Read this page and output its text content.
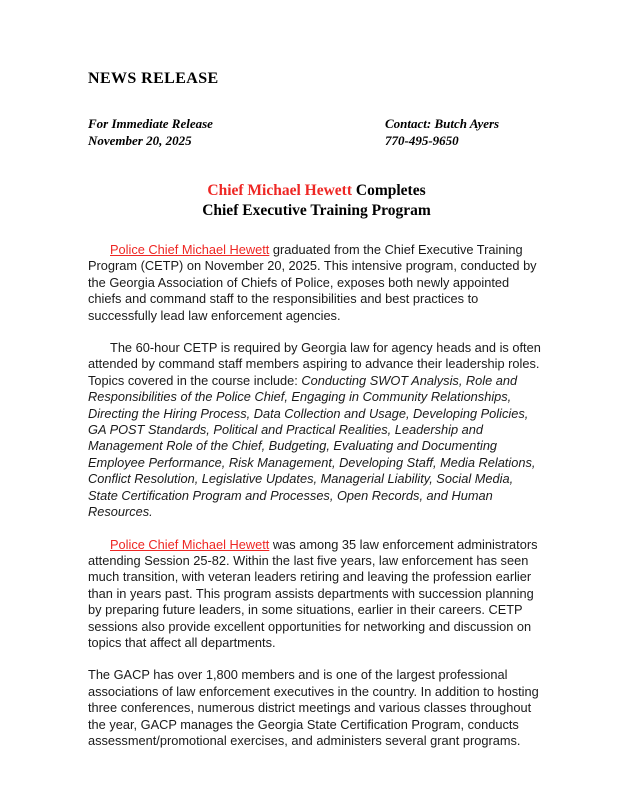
NEWS RELEASE
For Immediate Release
November 20, 2025
Contact: Butch Ayers
770-495-9650
Chief Michael Hewett Completes
Chief Executive Training Program

Police Chief Michael Hewett graduated from the Chief Executive Training Program (CETP) on November 20, 2025. This intensive program, conducted by the Georgia Association of Chiefs of Police, exposes both newly appointed chiefs and command staff to the responsibilities and best practices to successfully lead law enforcement agencies.

The 60-hour CETP is required by Georgia law for agency heads and is often attended by command staff members aspiring to advance their leadership roles. Topics covered in the course include: Conducting SWOT Analysis, Role and Responsibilities of the Police Chief, Engaging in Community Relationships, Directing the Hiring Process, Data Collection and Usage, Developing Policies, GA POST Standards, Political and Practical Realities, Leadership and Management Role of the Chief, Budgeting, Evaluating and Documenting Employee Performance, Risk Management, Developing Staff, Media Relations, Conflict Resolution, Legislative Updates, Managerial Liability, Social Media, State Certification Program and Processes, Open Records, and Human Resources.

Police Chief Michael Hewett was among 35 law enforcement administrators attending Session 25-82. Within the last five years, law enforcement has seen much transition, with veteran leaders retiring and leaving the profession earlier than in years past. This program assists departments with succession planning by preparing future leaders, in some situations, earlier in their careers. CETP sessions also provide excellent opportunities for networking and discussion on topics that affect all departments.

The GACP has over 1,800 members and is one of the largest professional associations of law enforcement executives in the country. In addition to hosting three conferences, numerous district meetings and various classes throughout the year, GACP manages the Georgia State Certification Program, conducts assessment/promotional exercises, and administers several grant programs.
